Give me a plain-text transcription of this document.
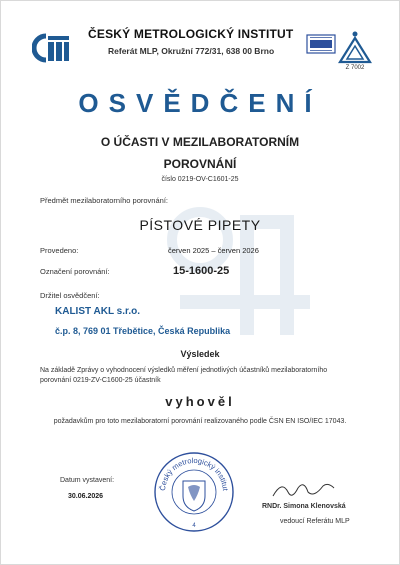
ČESKÝ METROLOGICKÝ INSTITUT
Referát MLP, Okružní 772/31, 638 00 Brno
Z 7002
OSVĚDČENÍ
O ÚČASTI V MEZILABORATORNÍM
POROVNÁNÍ
číslo 0219-OV-C1601-25
Předmět mezilaboratorního porovnání:
PÍSTOVÉ PIPETY
Provedeno:	červen 2025 – červen 2026
Označení porovnání:	15-1600-25
Držitel osvědčení:
KALIST AKL s.r.o.
č.p. 8, 769 01 Třebětice, Česká Republika
Výsledek
Na základě Zprávy o vyhodnocení výsledků měření jednotlivých účastníků mezilaboratorního
porovnání 0219-ZV-C1600-25 účastník
vyhověl
požadavkům pro toto mezilaboratorní porovnání realizovaného podle ČSN EN ISO/IEC 17043.
Datum vystavení:
30.06.2026
Český metrologický institut
4
RNDr. Simona Klenovská
vedoucí Referátu MLP
